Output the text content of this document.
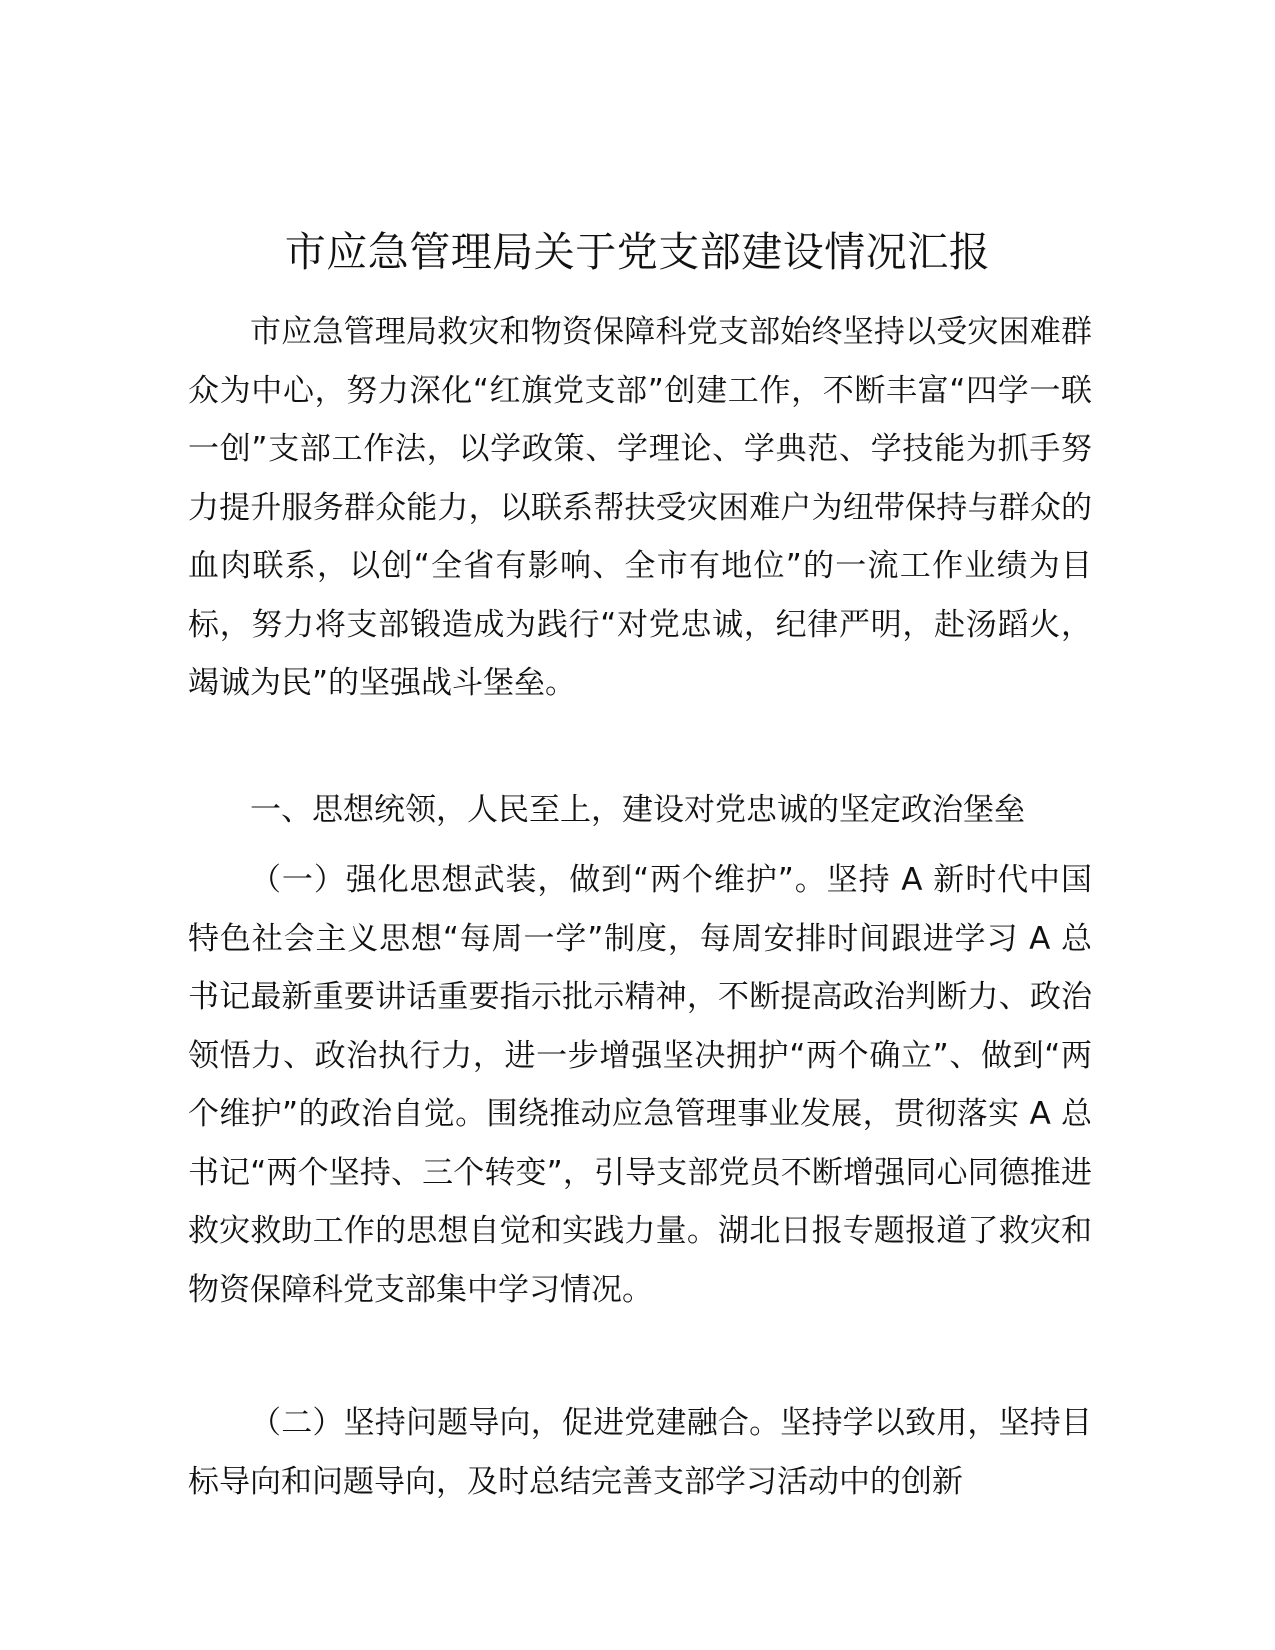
市应急管理局关于党支部建设情况汇报

市应急管理局救灾和物资保障科党支部始终坚持以受灾困难群众为中心，努力深化“红旗党支部”创建工作，不断丰富“四学一联一创”支部工作法，以学政策、学理论、学典范、学技能为抓手努力提升服务群众能力，以联系帮扶受灾困难户为纽带保持与群众的血肉联系，以创“全省有影响、全市有地位”的一流工作业绩为目标，努力将支部锻造成为践行“对党忠诚，纪律严明，赴汤蹈火，竭诚为民”的坚强战斗堡垒。

一、思想统领，人民至上，建设对党忠诚的坚定政治堡垒

（一）强化思想武装，做到“两个维护”。坚持 A 新时代中国特色社会主义思想“每周一学”制度，每周安排时间跟进学习 A 总书记最新重要讲话重要指示批示精神，不断提高政治判断力、政治领悟力、政治执行力，进一步增强坚决拥护“两个确立”、做到“两个维护”的政治自觉。围绕推动应急管理事业发展，贯彻落实 A 总书记“两个坚持、三个转变”，引导支部党员不断增强同心同德推进救灾救助工作的思想自觉和实践力量。湖北日报专题报道了救灾和物资保障科党支部集中学习情况。

（二）坚持问题导向，促进党建融合。坚持学以致用，坚持目标导向和问题导向，及时总结完善支部学习活动中的创新
